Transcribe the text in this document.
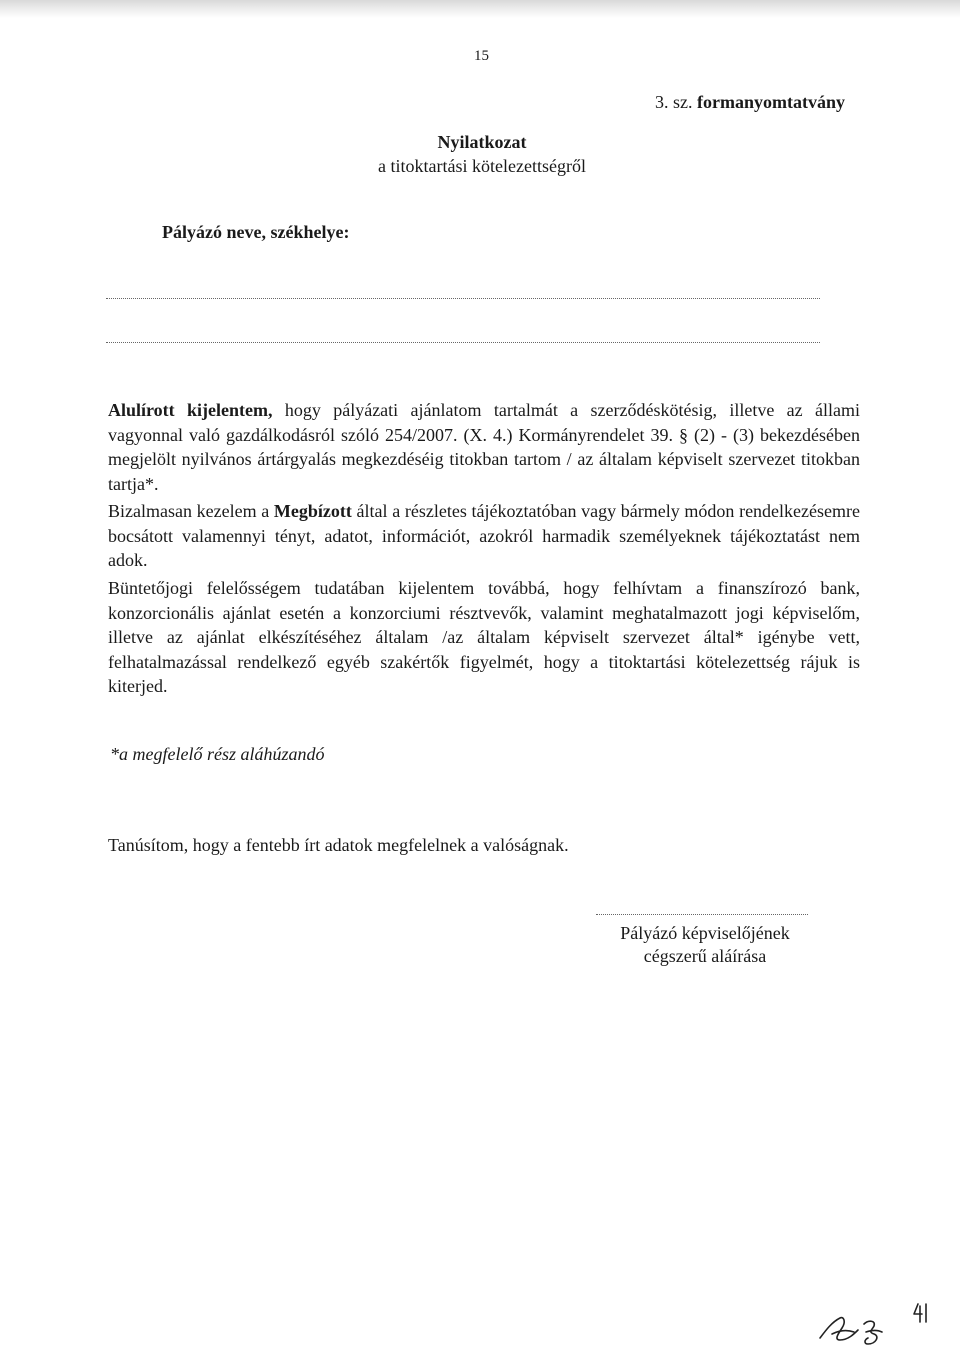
15
3. sz. formanyomtatvány
Nyilatkozat
a titoktartási kötelezettségről
Pályázó neve, székhelye:
Alulírott kijelentem, hogy pályázati ajánlatom tartalmát a szerződéskötésig, illetve az állami vagyonnal való gazdálkodásról szóló 254/2007. (X. 4.) Kormányrendelet 39. § (2) - (3) bekezdésében megjelölt nyilvános ártárgyalás megkezdéséig titokban tartom / az általam képviselt szervezet titokban tartja*.
Bizalmasan kezelem a Megbízott által a részletes tájékoztatóban vagy bármely módon rendelkezésemre bocsátott valamennyi tényt, adatot, információt, azokról harmadik személyeknek tájékoztatást nem adok.
Büntetőjogi felelősségem tudatában kijelentem továbbá, hogy felhívtam a finanszírozó bank, konzorcionális ajánlat esetén a konzorciumi résztvevők, valamint meghatalmazott jogi képviselőm, illetve az ajánlat elkészítéséhez általam /az általam képviselt szervezet által* igénybe vett, felhatalmazással rendelkező egyéb szakértők figyelmét, hogy a titoktartási kötelezettség rájuk is kiterjed.
*a megfelelő rész aláhúzandó
Tanúsítom, hogy a fentebb írt adatok megfelelnek a valóságnak.
Pályázó képviselőjének
cégszerű aláírása
